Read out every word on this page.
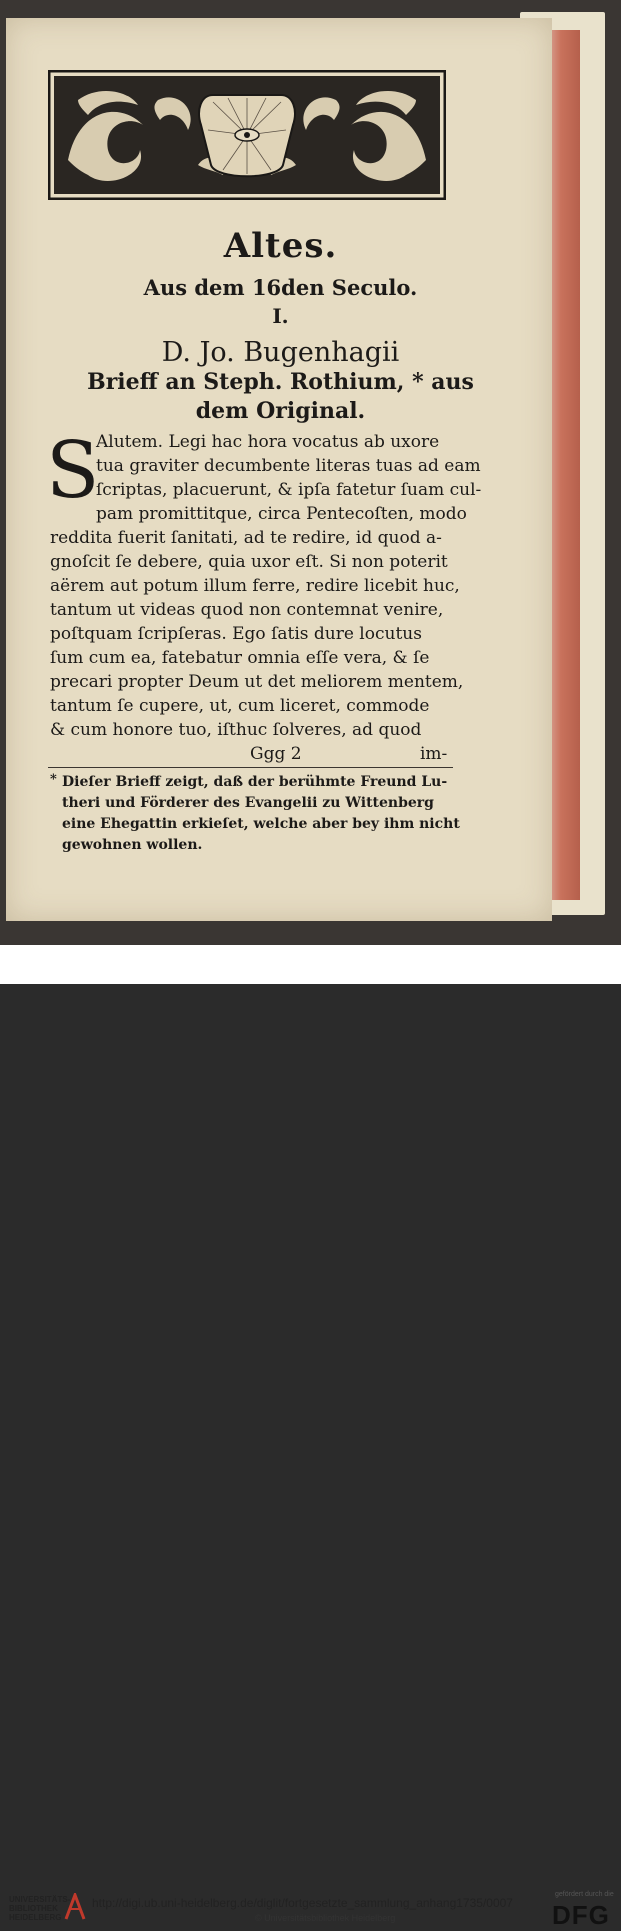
Altes.
Aus dem 16den Seculo.
I.
D. Jo. Bugenhagii
Brieff an Steph. Rothium, * aus
dem Original.
S
Alutem. Legi hac hora vocatus ab uxore
tua graviter decumbente literas tuas ad eam
ſcriptas, placuerunt, & ipſa fatetur ſuam cul-
pam promittitque, circa Pentecoſten, modo
reddita fuerit ſanitati, ad te redire, id quod a-
gnoſcit ſe debere, quia uxor eſt. Si non poterit
aërem aut potum illum ferre, redire licebit huc,
tantum ut videas quod non contemnat venire,
poſtquam ſcripſeras. Ego ſatis dure locutus
ſum cum ea, fatebatur omnia eſſe vera, & ſe
precari propter Deum ut det meliorem mentem,
tantum ſe cupere, ut, cum liceret, commode
& cum honore tuo, iſthuc ſolveres, ad quod
Ggg 2	im-
* Dieſer Brieff zeigt, daß der berühmte Freund Lu-
theri und Förderer des Evangelii zu Wittenberg
eine Ehegattin erkieſet, welche aber bey ihm nicht
gewohnen wollen.
UNIVERSITÄTS-
BIBLIOTHEK
HEIDELBERG
http://digi.ub.uni-heidelberg.de/diglit/fortgesetzte_sammlung_anhang1735/0007
© Universitätsbibliothek Heidelberg
gefördert durch die
DFG
